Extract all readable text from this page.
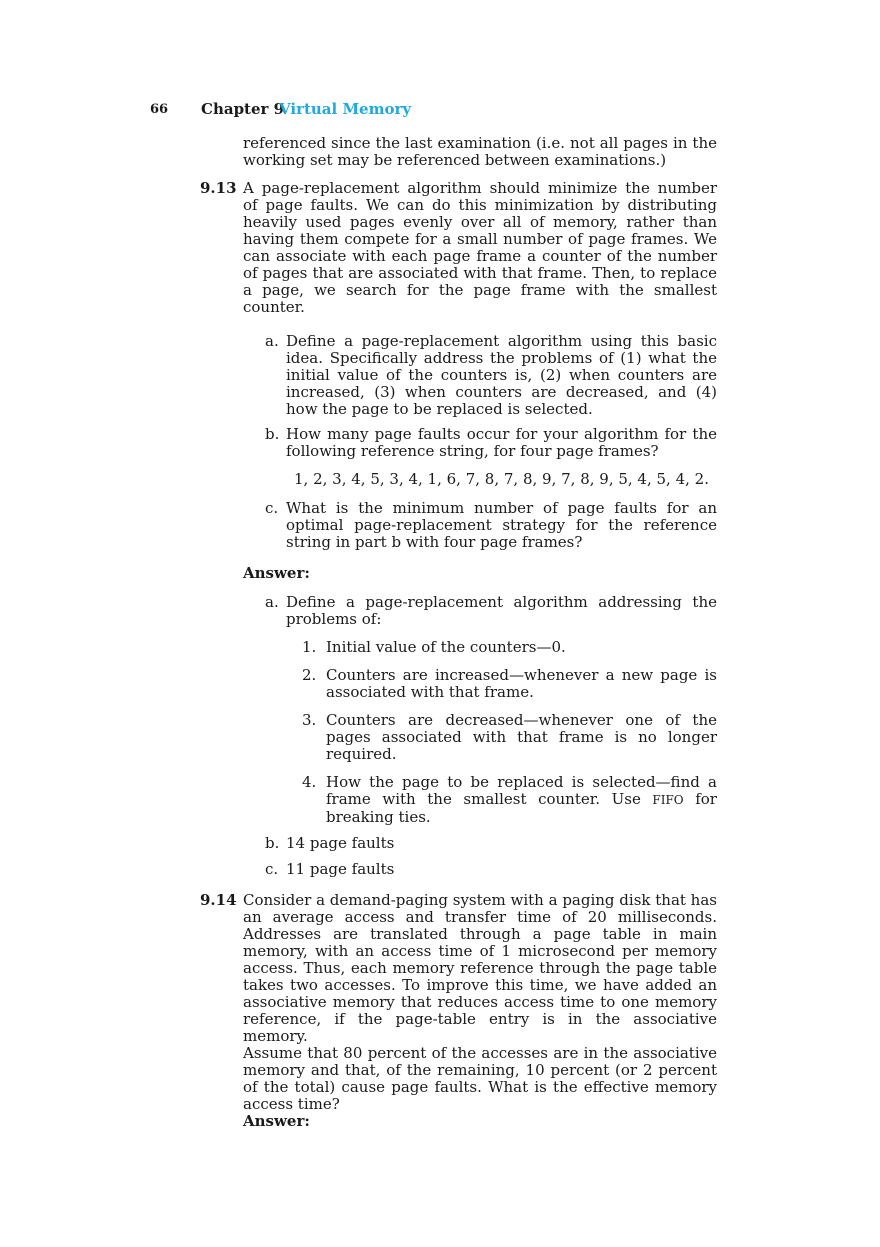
66 Chapter 9
Virtual Memory

referenced since the last examination (i.e. not all pages in the working set may be referenced between examinations.)

9.13 A page-replacement algorithm should minimize the number of page faults. We can do this minimization by distributing heavily used pages evenly over all of memory, rather than having them compete for a small number of page frames. We can associate with each page frame a counter of the number of pages that are associated with that frame. Then, to replace a page, we search for the page frame with the smallest counter.

a. Define a page-replacement algorithm using this basic idea. Specifically address the problems of (1) what the initial value of the counters is, (2) when counters are increased, (3) when counters are decreased, and (4) how the page to be replaced is selected.

b. How many page faults occur for your algorithm for the following reference string, for four page frames?

1, 2, 3, 4, 5, 3, 4, 1, 6, 7, 8, 7, 8, 9, 7, 8, 9, 5, 4, 5, 4, 2.

c. What is the minimum number of page faults for an optimal page-replacement strategy for the reference string in part b with four page frames?

Answer:

a. Define a page-replacement algorithm addressing the problems of:

1. Initial value of the counters—0.

2. Counters are increased—whenever a new page is associated with that frame.

3. Counters are decreased—whenever one of the pages associated with that frame is no longer required.

4. How the page to be replaced is selected—find a frame with the smallest counter. Use FIFO for breaking ties.

b. 14 page faults

c. 11 page faults

9.14 Consider a demand-paging system with a paging disk that has an average access and transfer time of 20 milliseconds. Addresses are translated through a page table in main memory, with an access time of 1 microsecond per memory access. Thus, each memory reference through the page table takes two accesses. To improve this time, we have added an associative memory that reduces access time to one memory reference, if the page-table entry is in the associative memory.

Assume that 80 percent of the accesses are in the associative memory and that, of the remaining, 10 percent (or 2 percent of the total) cause page faults. What is the effective memory access time?

Answer:
